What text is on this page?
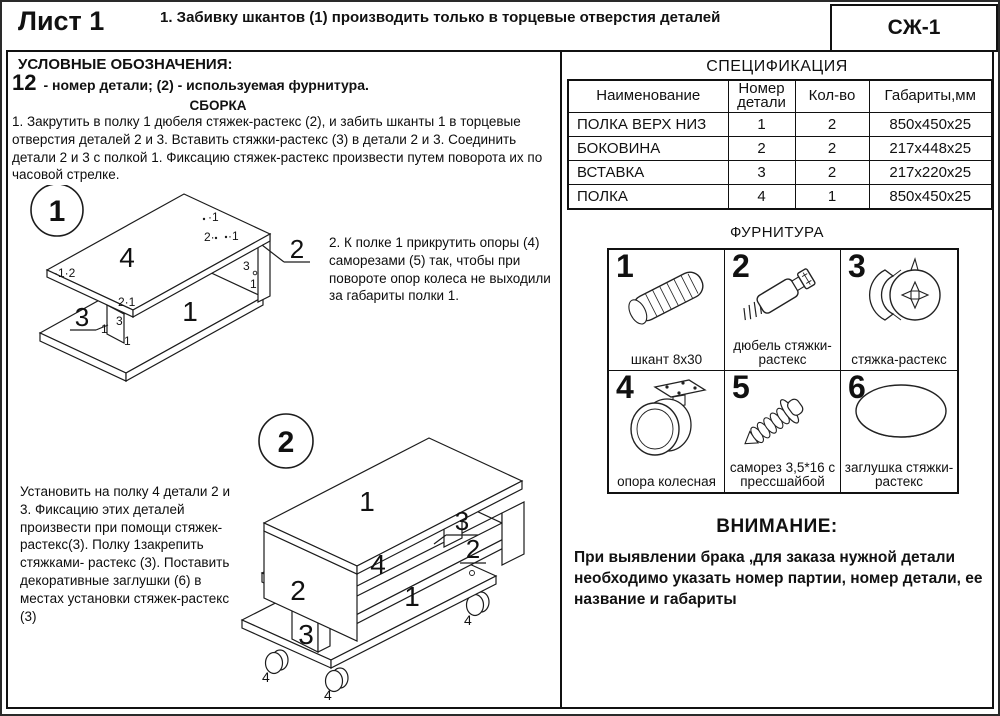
Лист 1	1. Забивку шкантов (1) производить только в торцевые отверстия деталей	СЖ-1
УСЛОВНЫЕ ОБОЗНАЧЕНИЯ:
12 - номер детали; (2) - используемая фурнитура.
СБОРКА
1. Закрутить в полку 1 дюбеля стяжек-растекс (2), и забить шканты 1 в торцевые отверстия деталей 2 и 3. Вставить стяжки-растекс (3) в детали 2 и 3. Соединить детали 2 и 3 с полкой 1. Фиксацию стяжек-растекс произвести путем поворота их по часовой стрелке.
2. К полке 1 прикрутить опоры (4) саморезами (5) так, чтобы при повороте опор колеса не выходили за габариты полки 1.
Установить на полку 4 детали 2 и 3. Фиксацию этих деталей произвести при помощи стяжек-растекс(3). Полку 1закрепить стяжками- растекс (3). Поставить декоративные заглушки (6) в местах установки стяжек-растекс (3)
1
4
1
2
3
·1
2· ·1
·1·2
2·1
3
1
1
3
1
2
1
2
4
3
2
1
3
4
4
4
СПЕЦИФИКАЦИЯ
Наименование	Номер детали	Кол-во	Габариты,мм
ПОЛКА ВЕРХ НИЗ	1	2	850х450х25
БОКОВИНА	2	2	217х448х25
ВСТАВКА	3	2	217х220х25
ПОЛКА	4	1	850х450х25
ФУРНИТУРА
1
шкант 8х30
2
дюбель стяжки-растекс
3
стяжка-растекс
4
опора колесная
5
саморез 3,5*16 с прессшайбой
6
заглушка стяжки-растекс
ВНИМАНИЕ:
При выявлении брака ,для заказа нужной детали необходимо указать номер партии, номер детали, ее название и габариты
